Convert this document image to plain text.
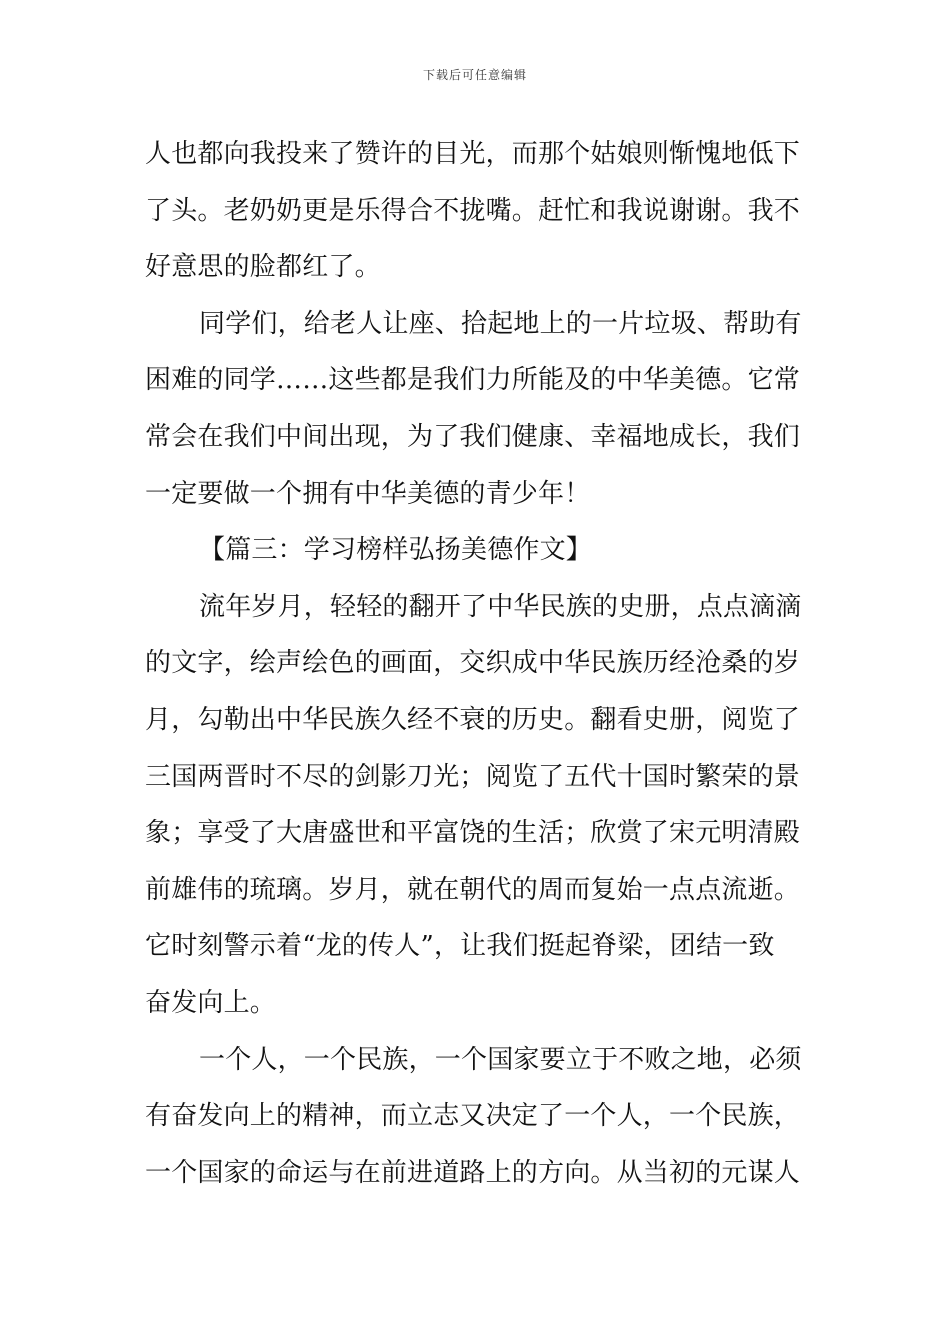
下载后可任意编辑
人也都向我投来了赞许的目光，而那个姑娘则惭愧地低下
了头。老奶奶更是乐得合不拢嘴。赶忙和我说谢谢。我不
好意思的脸都红了。
同学们，给老人让座、拾起地上的一片垃圾、帮助有
困难的同学……这些都是我们力所能及的中华美德。它常
常会在我们中间出现，为了我们健康、幸福地成长，我们
一定要做一个拥有中华美德的青少年！
【篇三：学习榜样弘扬美德作文】
流年岁月，轻轻的翻开了中华民族的史册，点点滴滴
的文字，绘声绘色的画面，交织成中华民族历经沧桑的岁
月，勾勒出中华民族久经不衰的历史。翻看史册，阅览了
三国两晋时不尽的剑影刀光；阅览了五代十国时繁荣的景
象；享受了大唐盛世和平富饶的生活；欣赏了宋元明清殿
前雄伟的琉璃。岁月，就在朝代的周而复始一点点流逝。
它时刻警示着“龙的传人”，让我们挺起脊梁，团结一致
奋发向上。
一个人，一个民族，一个国家要立于不败之地，必须
有奋发向上的精神，而立志又决定了一个人，一个民族，
一个国家的命运与在前进道路上的方向。从当初的元谋人
